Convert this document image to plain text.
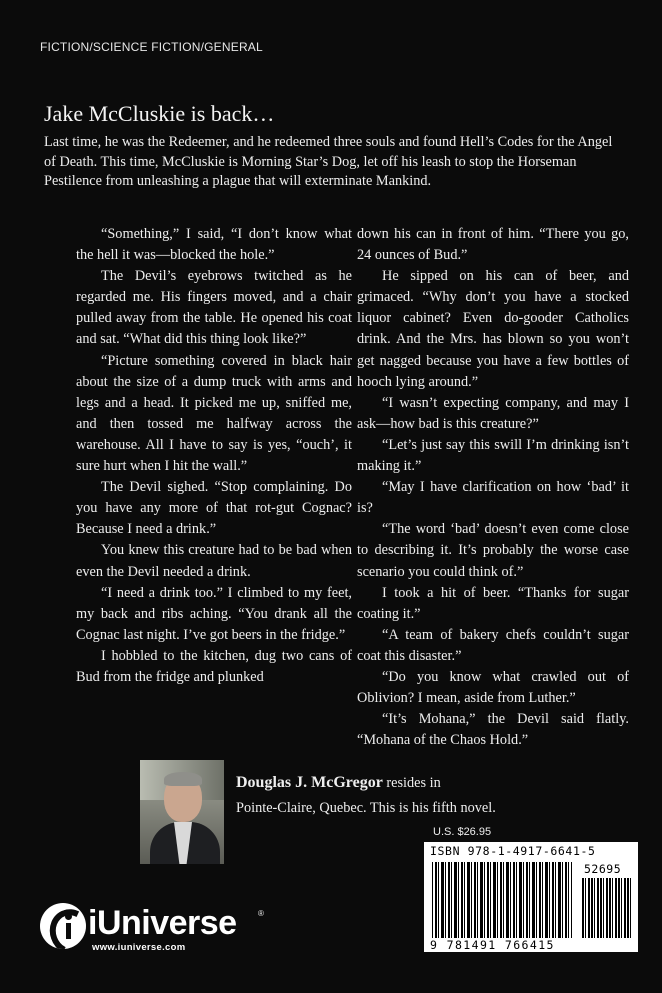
FICTION/SCIENCE FICTION/GENERAL
Jake McCluskie is back…
Last time, he was the Redeemer, and he redeemed three souls and found Hell’s Codes for the Angel of Death. This time, McCluskie is Morning Star’s Dog, let off his leash to stop the Horseman Pestilence from unleashing a plague that will exterminate Mankind.

“Something,” I said, “I don’t know what the hell it was—blocked the hole.”

The Devil’s eyebrows twitched as he regarded me. His fingers moved, and a chair pulled away from the table. He opened his coat and sat. “What did this thing look like?”

“Picture something covered in black hair about the size of a dump truck with arms and legs and a head. It picked me up, sniffed me, and then tossed me halfway across the warehouse. All I have to say is yes, “ouch’, it sure hurt when I hit the wall.”

The Devil sighed. “Stop complaining. Do you have any more of that rot-gut Cognac? Because I need a drink.”

You knew this creature had to be bad when even the Devil needed a drink.

“I need a drink too.” I climbed to my feet, my back and ribs aching. “You drank all the Cognac last night. I’ve got beers in the fridge.”

I hobbled to the kitchen, dug two cans of Bud from the fridge and plunked

down his can in front of him. “There you go, 24 ounces of Bud.”

He sipped on his can of beer, and grimaced. “Why don’t you have a stocked liquor cabinet? Even do-gooder Catholics drink. And the Mrs. has blown so you won’t get nagged because you have a few bottles of hooch lying around.”

“I wasn’t expecting company, and may I ask—how bad is this creature?”

“Let’s just say this swill I’m drinking isn’t making it.”

“May I have clarification on how ‘bad’ it is?

“The word ‘bad’ doesn’t even come close to describing it. It’s probably the worse case scenario you could think of.”

I took a hit of beer. “Thanks for sugar coating it.”

“A team of bakery chefs couldn’t sugar coat this disaster.”

“Do you know what crawled out of Oblivion? I mean, aside from Luther.”

“It’s Mohana,” the Devil said flatly. “Mohana of the Chaos Hold.”

Douglas J. McGregor resides in
Pointe-Claire, Quebec. This is his fifth novel.
U.S. $26.95
ISBN 978-1-4917-6641-5
52695
9 781491 766415
iUniverse	®
www.iuniverse.com
